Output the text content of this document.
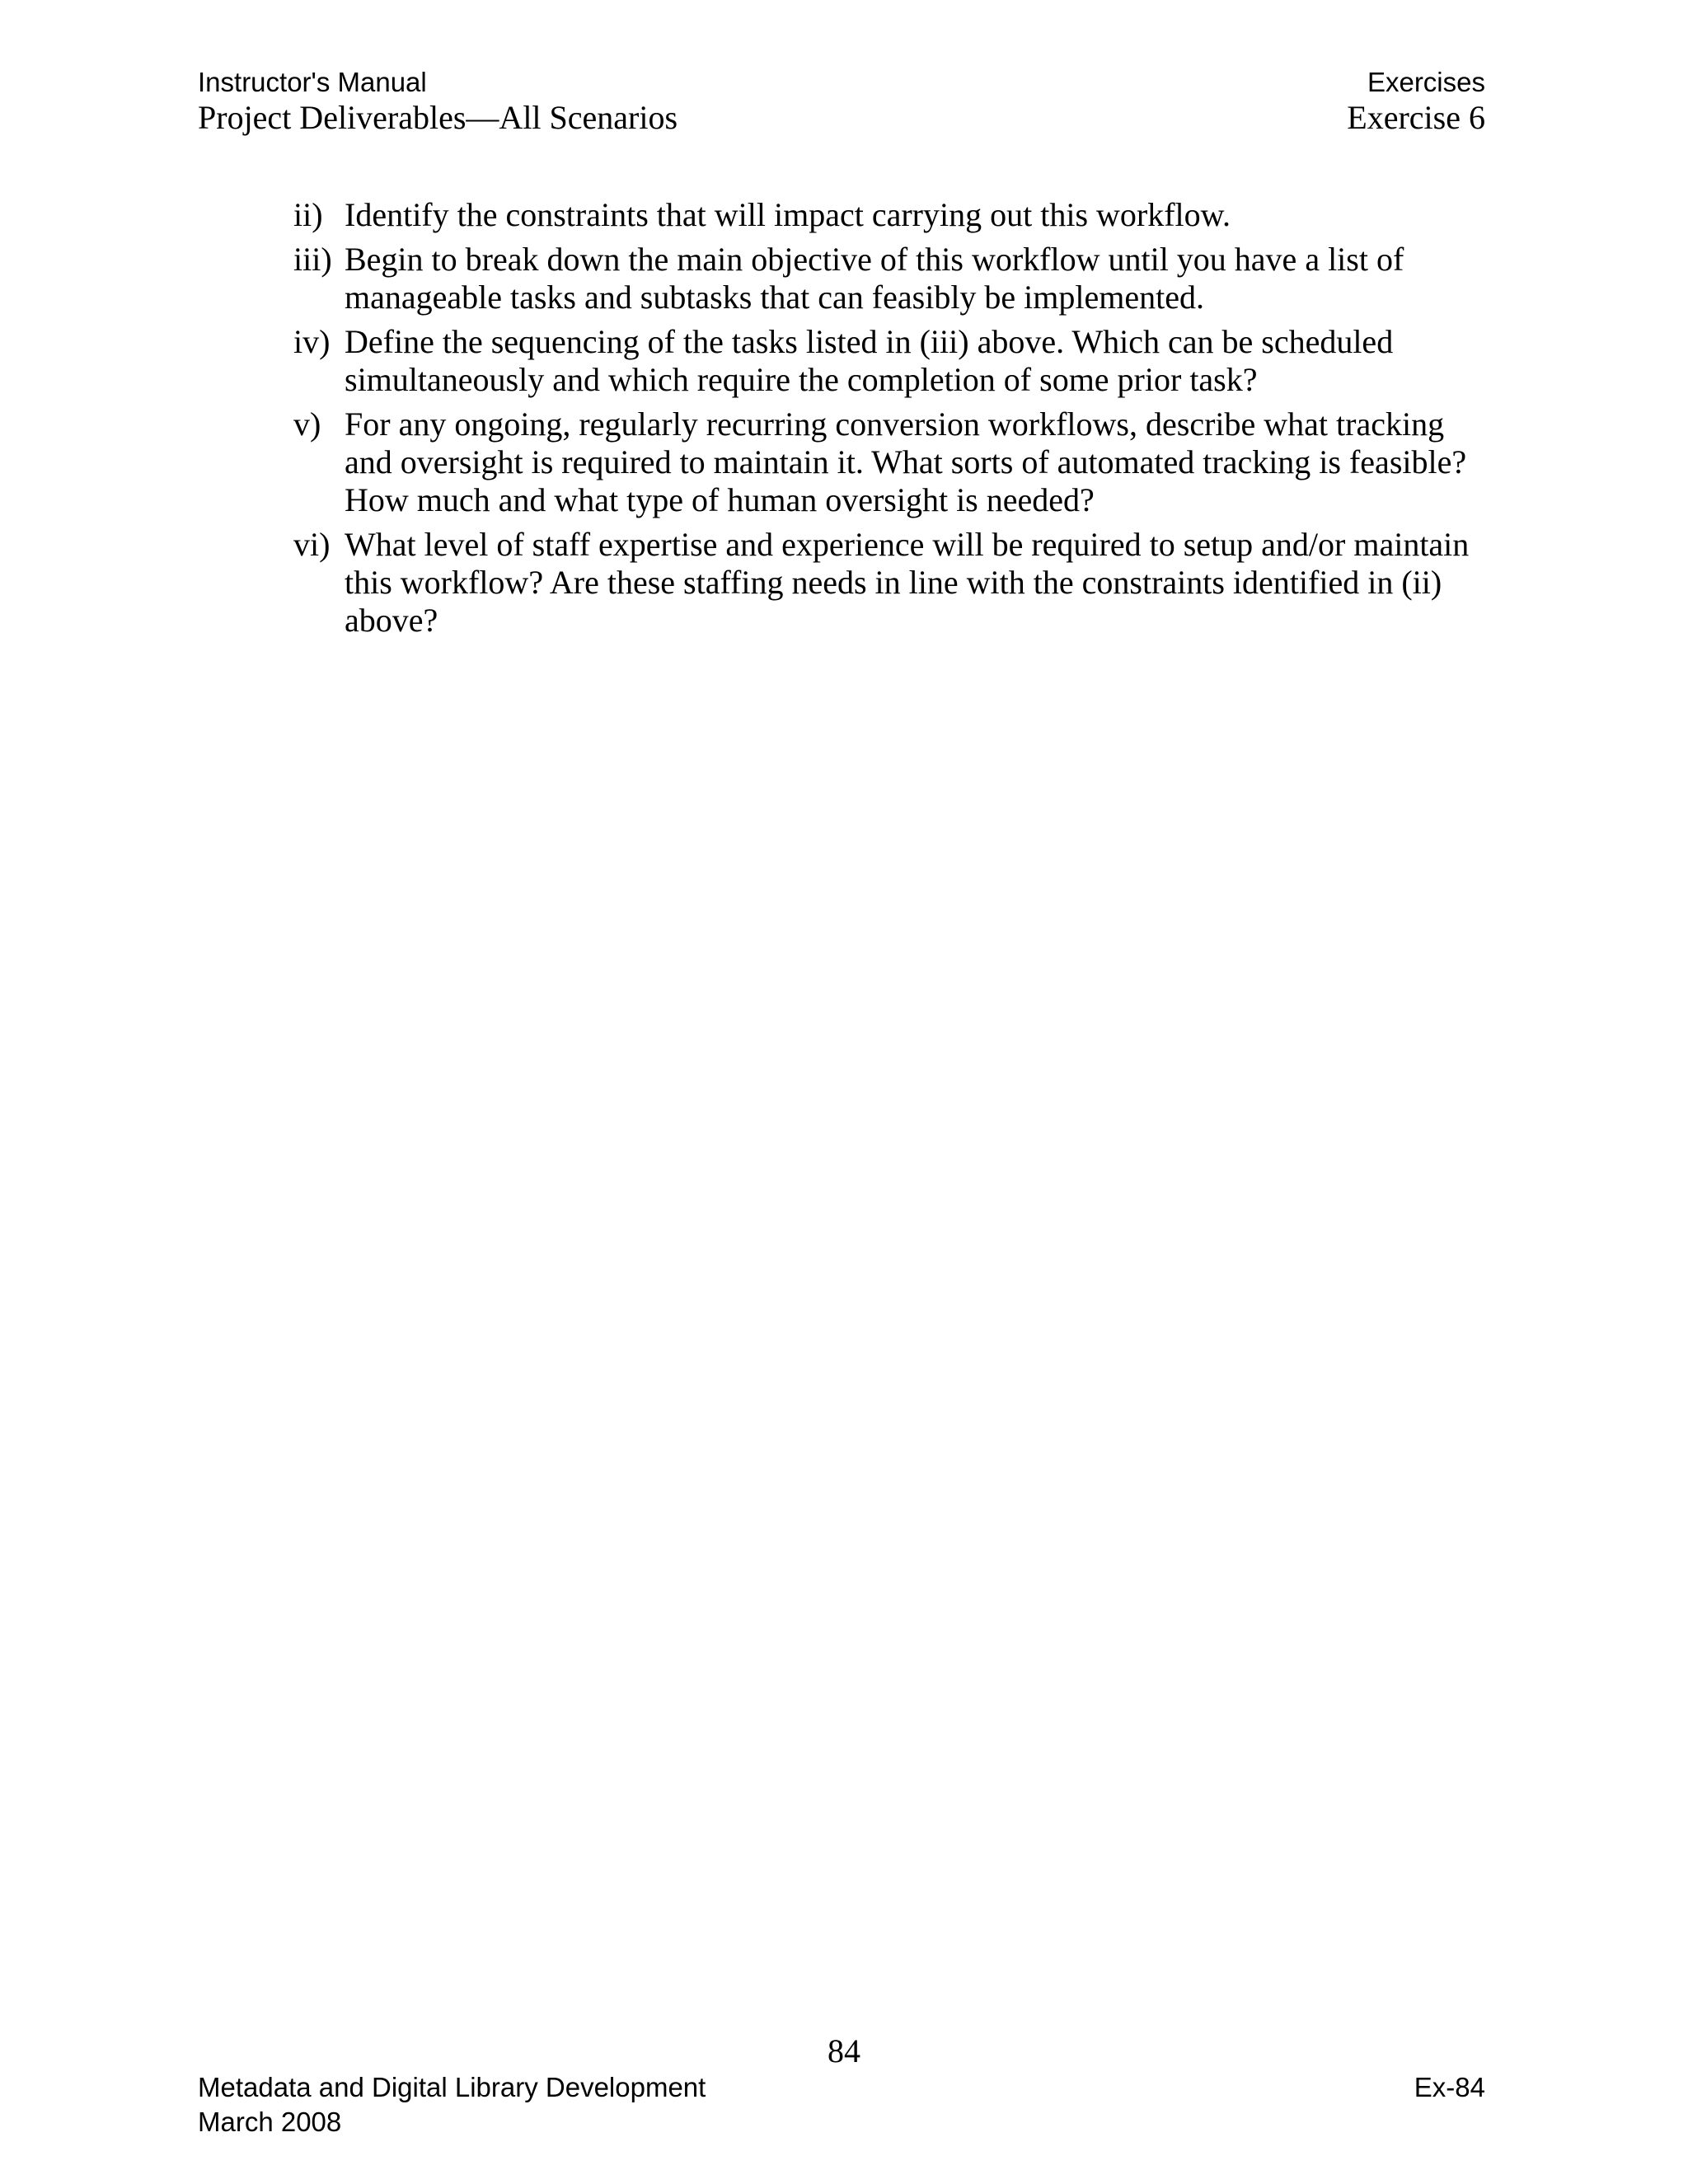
Instructor's Manual	Exercises
Project Deliverables—All Scenarios	Exercise 6
ii) Identify the constraints that will impact carrying out this workflow.
iii) Begin to break down the main objective of this workflow until you have a list of manageable tasks and subtasks that can feasibly be implemented.
iv) Define the sequencing of the tasks listed in (iii) above. Which can be scheduled simultaneously and which require the completion of some prior task?
v) For any ongoing, regularly recurring conversion workflows, describe what tracking and oversight is required to maintain it. What sorts of automated tracking is feasible? How much and what type of human oversight is needed?
vi) What level of staff expertise and experience will be required to setup and/or maintain this workflow? Are these staffing needs in line with the constraints identified in (ii) above?
84
Metadata and Digital Library Development	Ex-84
March 2008
